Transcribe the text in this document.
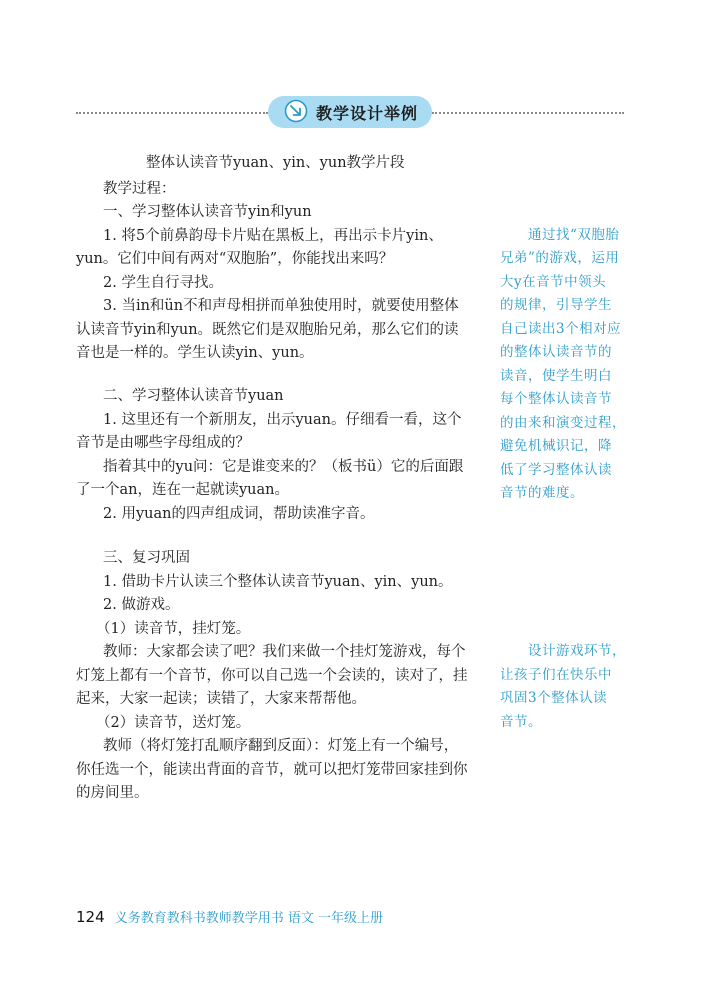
教学设计举例
整体认读音节yuan、yin、yun教学片段
教学过程：
一、学习整体认读音节yin和yun
1. 将5个前鼻韵母卡片贴在黑板上，再出示卡片yin、
yun。它们中间有两对“双胞胎”，你能找出来吗？
2. 学生自行寻找。
3. 当in和ün不和声母相拼而单独使用时，就要使用整体
认读音节yin和yun。既然它们是双胞胎兄弟，那么它们的读
音也是一样的。学生认读yin、yun。
二、学习整体认读音节yuan
1. 这里还有一个新朋友，出示yuan。仔细看一看，这个
音节是由哪些字母组成的？
指着其中的yu问：它是谁变来的？（板书ü）它的后面跟
了一个an，连在一起就读yuan。
2. 用yuan的四声组成词，帮助读准字音。
三、复习巩固
1. 借助卡片认读三个整体认读音节yuan、yin、yun。
2. 做游戏。
（1）读音节，挂灯笼。
教师：大家都会读了吧？我们来做一个挂灯笼游戏，每个
灯笼上都有一个音节，你可以自己选一个会读的，读对了，挂
起来，大家一起读；读错了，大家来帮帮他。
（2）读音节，送灯笼。
教师（将灯笼打乱顺序翻到反面）：灯笼上有一个编号，
你任选一个，能读出背面的音节，就可以把灯笼带回家挂到你
的房间里。
通过找“双胞胎
兄弟”的游戏，运用
大y在音节中领头
的规律，引导学生
自己读出3个相对应
的整体认读音节的
读音，使学生明白
每个整体认读音节
的由来和演变过程，
避免机械识记，降
低了学习整体认读
音节的难度。
设计游戏环节，
让孩子们在快乐中
巩固3个整体认读
音节。
124 义务教育教科书教师教学用书 语文 一年级上册
